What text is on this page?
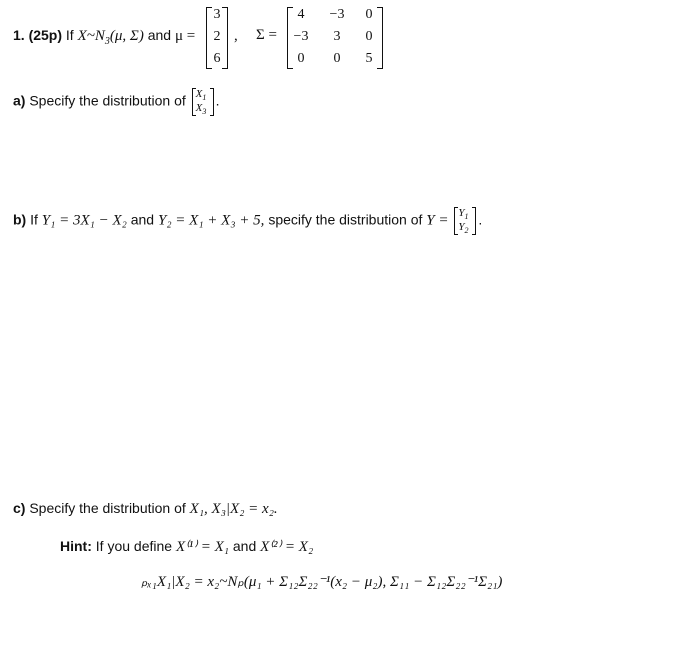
1. (25p) If $X\sim N_3(\mu$, Σ) and μ =
3
2
6
, Σ =
4	−3	0
−3	3	0
0	0	5
a) Specify the distribution of $X_1$
$X_3$
.
b) If Y₁ = 3X₁ − X₂ and Y₂ = X₁ + X₃ + 5, specify the distribution of $Y = Y_1$
$Y_2$
.
c) Specify the distribution of X₁, X₃|X₂ = x₂.
Hint: If you define X⁽¹⁾ = X₁ and X⁽²⁾ = X₂
ₚₓ₁X₁|X₂ = x₂~Nₚ(μ₁ + Σ₁₂Σ₂₂⁻¹(x₂ − μ₂), Σ₁₁ − Σ₁₂Σ₂₂⁻¹Σ₂₁)
